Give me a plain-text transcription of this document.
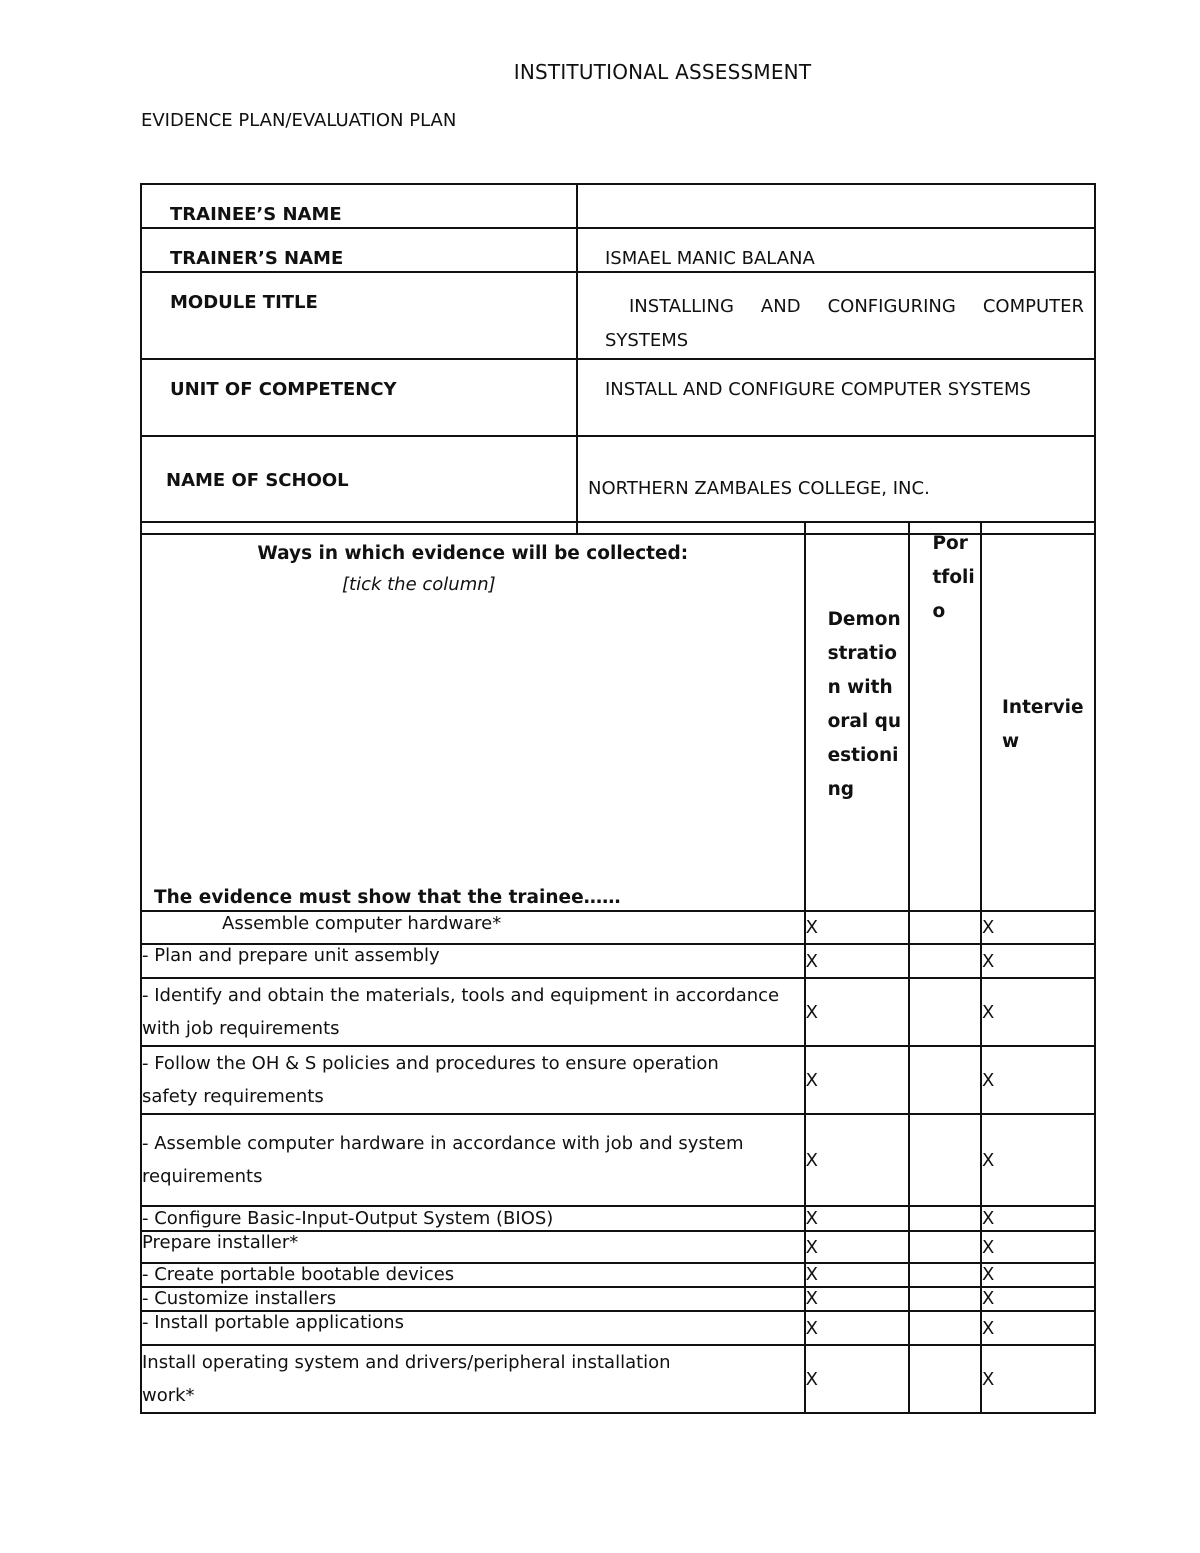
INSTITUTIONAL ASSESSMENT
EVIDENCE PLAN/EVALUATION PLAN
TRAINEE’S NAME	
TRAINER’S NAME	ISMAEL MANIC BALANA
MODULE TITLE	INSTALLING AND CONFIGURING COMPUTER SYSTEMS
UNIT OF COMPETENCY	INSTALL AND CONFIGURE COMPUTER SYSTEMS
NAME OF SCHOOL	NORTHERN ZAMBALES COLLEGE, INC.
Ways in which evidence will be collected:
[tick the column]
The evidence must show that the trainee……	Demonstration with oral questioning	Portfolio	Interview

Assemble computer hardware*	X		X
- Plan and prepare unit assembly	X		X
- Identify and obtain the materials, tools and equipment in accordance with job requirements	X		X
- Follow the OH & S policies and procedures to ensure operation safety requirements	X		X
- Assemble computer hardware in accordance with job and system requirements	X		X
- Configure Basic-Input-Output System (BIOS)	X		X
Prepare installer*	X		X
- Create portable bootable devices	X		X
- Customize installers	X		X
- Install portable applications	X		X
Install operating system and drivers/peripheral installation work*	X		X
